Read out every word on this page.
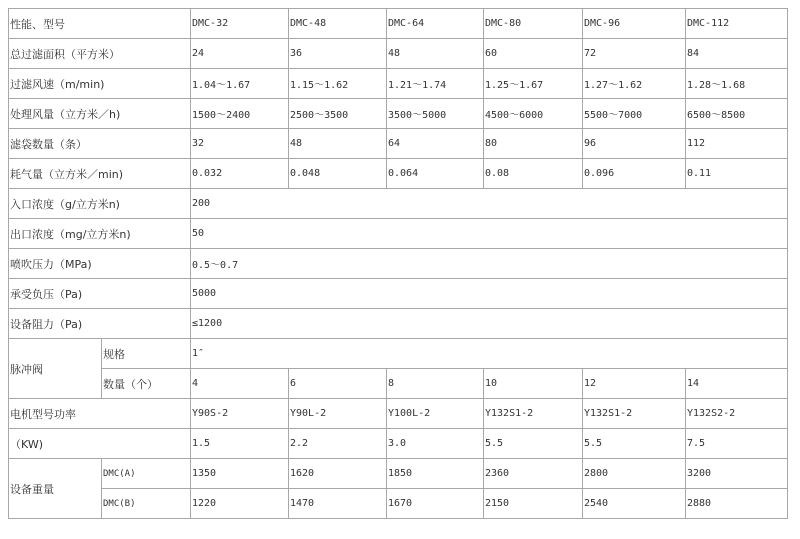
性能、型号		DMC-32	DMC-48	DMC-64	DMC-80	DMC-96	DMC-112
总过滤面积（平方米）		24	36	48	60	72	84
过滤风速（m/min)		1.04～1.67	1.15～1.62	1.21～1.74	1.25～1.67	1.27～1.62	1.28～1.68
处理风量（立方米／h)		1500～2400	2500～3500	3500～5000	4500～6000	5500～7000	6500～8500
滤袋数量（条）		32	48	64	80	96	112
耗气量（立方米／min)		0.032	0.048	0.064	0.08	0.096	0.11
入口浓度（g/立方米n)		200					
出口浓度（mg/立方米n)		50					
喷吹压力（MPa)		0.5～0.7					
承受负压（Pa)		5000					
设备阻力（Pa)		≤1200					
脉冲阀	规格	1″					
	数量（个）	4	6	8	10	12	14
电机型号功率		Y90S-2	Y90L-2	Y100L-2	Y132S1-2	Y132S1-2	Y132S2-2
（KW)		1.5	2.2	3.0	5.5	5.5	7.5
设备重量	DMC(A)	1350	1620	1850	2360	2800	3200
	DMC(B)	1220	1470	1670	2150	2540	2880
